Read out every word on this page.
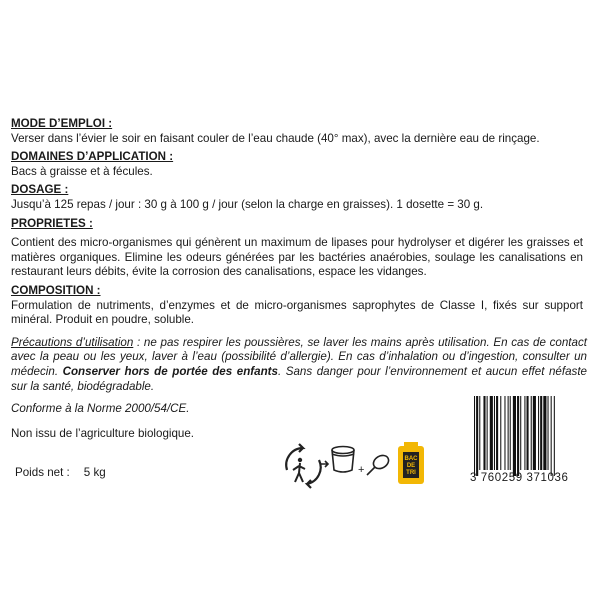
MODE D’EMPLOI :
Verser dans l’évier le soir en faisant couler de l’eau chaude (40° max), avec la dernière eau de rinçage.
DOMAINES D’APPLICATION :
Bacs à graisse et à fécules.
DOSAGE :
Jusqu’à 125 repas / jour : 30 g à 100 g / jour (selon la charge en graisses). 1 dosette = 30 g.
PROPRIETES :
Contient des micro-organismes qui génèrent un maximum de lipases pour hydrolyser et digérer les graisses et matières organiques. Elimine les odeurs générées par les bactéries anaérobies, soulage les canalisations en restaurant leurs débits, évite la corrosion des canalisations, espace les vidanges.
COMPOSITION :
Formulation de nutriments, d’enzymes et de micro-organismes saprophytes de Classe I, fixés sur support minéral. Produit en poudre, soluble.
Précautions d’utilisation : ne pas respirer les poussières, se laver les mains après utilisation. En cas de contact avec la peau ou les yeux, laver à l’eau (possibilité d’allergie). En cas d’inhalation ou d’ingestion, consulter un médecin. Conserver hors de portée des enfants. Sans danger pour l’environnement et aucun effet néfaste sur la santé, biodégradable.
Conforme à la Norme 2000/54/CE.
Non issu de l’agriculture biologique.
Poids net : 5 kg	+
BAC
DE
TRI	3 760259 371036
